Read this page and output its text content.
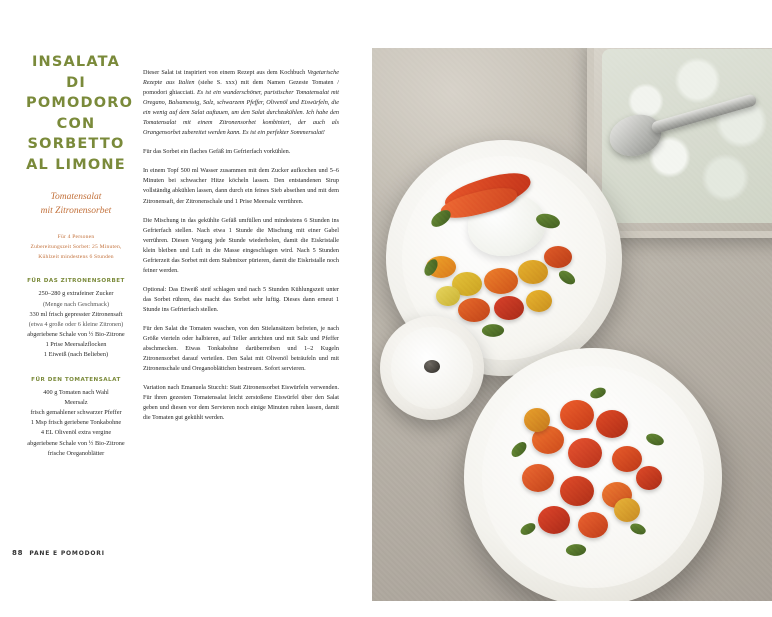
INSALATA
DI POMODORO
CON SORBETTO
AL LIMONE
Tomatensalat
mit Zitronensorbet
Für 4 Personen
Zubereitungszeit Sorbet: 25 Minuten,
Kühlzeit mindestens 6 Stunden
FÜR DAS ZITRONENSORBET
250–280 g extrafeiner Zucker
(Menge nach Geschmack)
330 ml frisch gepresster Zitronensaft
(etwa 4 große oder 6 kleine Zitronen)
abgeriebene Schale von ½ Bio-Zitrone
1 Prise Meersalzflocken
1 Eiweiß (nach Belieben)
FÜR DEN TOMATENSALAT
400 g Tomaten nach Wahl
Meersalz
frisch gemahlener schwarzer Pfeffer
1 Msp frisch geriebene Tonkabohne
4 EL Olivenöl extra vergine
abgeriebene Schale von ½ Bio-Zitrone
frische Oreganoblätter

Dieser Salat ist inspiriert von einem Rezept aus dem Kochbuch Vegetarische Rezepte aus Italien (siehe S. xxx) mit dem Namen Gezeste Tomaten / pomodori ghiacciati. Es ist ein wunderschöner, puristischer Tomatensalat mit Oregano, Balsamessig, Salz, schwarzem Pfeffer, Olivenöl und Eiswürfeln, die ein wenig auf dem Salat auftauen, um den Salat durchzukühlen. Ich habe den Tomatensalat mit einem Zitronensorbet kombiniert, der auch als Orangensorbet zubereitet werden kann. Es ist ein perfekter Sommersalat!

Für das Sorbet ein flaches Gefäß im Gefrierfach vorkühlen.

In einem Topf 500 ml Wasser zusammen mit dem Zucker aufkochen und 5–6 Minuten bei schwacher Hitze köcheln lassen. Den entstandenen Sirup vollständig abkühlen lassen, dann durch ein feines Sieb abseihen und mit dem Zitronensaft, der Zitronenschale und 1 Prise Meersalz verrühren.

Die Mischung in das gekühlte Gefäß umfüllen und mindestens 6 Stunden ins Gefrierfach stellen. Nach etwa 1 Stunde die Mischung mit einer Gabel verrühren. Diesen Vorgang jede Stunde wiederholen, damit die Eiskristalle klein bleiben und Luft in die Masse eingeschlagen wird. Nach 5 Stunden Gefrierzeit das Sorbet mit dem Stabmixer pürieren, damit die Eiskristalle noch feiner werden.

Optional: Das Eiweiß steif schlagen und nach 5 Stunden Kühlungszeit unter das Sorbet rühren, das macht das Sorbet sehr luftig. Dieses dann erneut 1 Stunde ins Gefrierfach stellen.

Für den Salat die Tomaten waschen, von den Stielansätzen befreien, je nach Größe vierteln oder halbieren, auf Teller anrichten und mit Salz und Pfeffer abschmecken. Etwas Tonkabohne darüberreiben und 1–2 Kugeln Zitronensorbet darauf verteilen. Den Salat mit Olivenöl beträufeln und mit Zitronenschale und Oreganoblättchen bestreuen. Sofort servieren.

Variation nach Emanuela Stucchi: Statt Zitronensorbet Eiswürfeln verwenden. Für ihren gezesten Tomatensalat leicht zerstoßene Eiswürfel über den Salat geben und diesen vor dem Servieren noch einige Minuten ruhen lassen, damit die Tomaten gut gekühlt werden.

88 PANE E POMODORI
